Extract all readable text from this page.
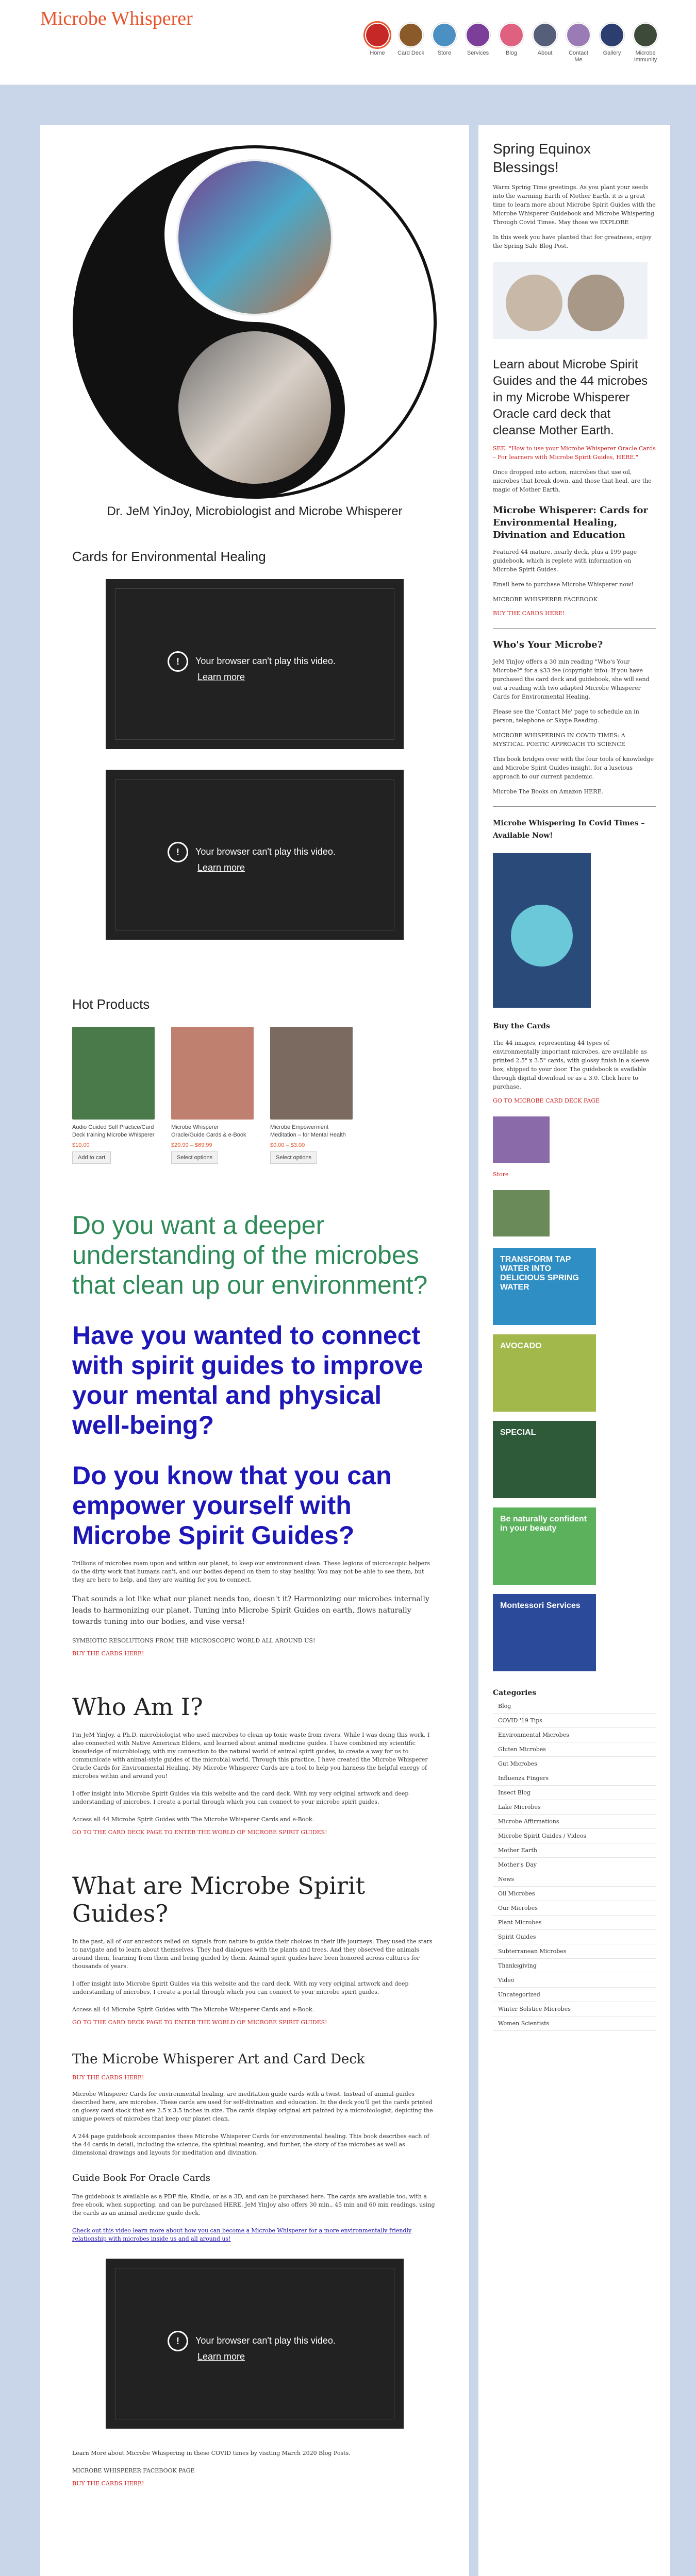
Microbe Whisperer
Home	Card Deck	Store	Services	Blog	About	Contact Me
Gallery	Microbe Immunity
Dr. JeM YinJoy, Microbiologist and Microbe Whisperer
Cards for Environmental Healing
! Your browser can't play this video.
Learn more
! Your browser can't play this video.
Learn more
Hot Products
Audio Guided Self Practice/Card Deck training Microbe Whisperer
$10.00
Add to cart
Microbe Whisperer Oracle/Guide Cards & e-Book
$29.99 – $69.99
Select options
Microbe Empowerment Meditation – for Mental Health
$0.00 – $3.00
Select options
Do you want a deeper understanding of the microbes that clean up our environment?
Have you wanted to connect with spirit guides to improve your mental and physical well-being?
Do you know that you can empower yourself with Microbe Spirit Guides?

Trillions of microbes roam upon and within our planet, to keep our environment clean. These legions of microscopic helpers do the dirty work that humans can't, and our bodies depend on them to stay healthy. You may not be able to see them, but they are here to help, and they are waiting for you to connect.

That sounds a lot like what our planet needs too, doesn't it? Harmonizing our microbes internally leads to harmonizing our planet. Tuning into Microbe Spirit Guides on earth, flows naturally towards tuning into our bodies, and vise versa!

SYMBIOTIC RESOLUTIONS FROM THE MICROSCOPIC WORLD ALL AROUND US!

BUY THE CARDS HERE!

Who Am I?

I'm JeM YinJoy, a Ph.D. microbiologist who used microbes to clean up toxic waste from rivers. While I was doing this work, I also connected with Native American Elders, and learned about animal medicine guides. I have combined my scientific knowledge of microbiology, with my connection to the natural world of animal spirit guides, to create a way for us to communicate with animal-style guides of the microbial world. Through this practice, I have created the Microbe Whisperer Oracle Cards for Environmental Healing. My Microbe Whisperer Cards are a tool to help you harness the helpful energy of microbes within and around you!

I offer insight into Microbe Spirit Guides via this website and the card deck. With my very original artwork and deep understanding of microbes, I create a portal through which you can connect to your microbe spirit guides.

Access all 44 Microbe Spirit Guides with The Microbe Whisperer Cards and e-Book.

GO TO THE CARD DECK PAGE TO ENTER THE WORLD OF MICROBE SPIRIT GUIDES!

What are Microbe Spirit Guides?

In the past, all of our ancestors relied on signals from nature to guide their choices in their life journeys. They used the stars to navigate and to learn about themselves. They had dialogues with the plants and trees. And they observed the animals around them, learning from them and being guided by them. Animal spirit guides have been honored across cultures for thousands of years.

I offer insight into Microbe Spirit Guides via this website and the card deck. With my very original artwork and deep understanding of microbes, I create a portal through which you can connect to your microbe spirit guides.

Access all 44 Microbe Spirit Guides with The Microbe Whisperer Cards and e-Book.

GO TO THE CARD DECK PAGE TO ENTER THE WORLD OF MICROBE SPIRIT GUIDES!

The Microbe Whisperer Art and Card Deck

BUY THE CARDS HERE!

Microbe Whisperer Cards for environmental healing, are meditation guide cards with a twist. Instead of animal guides described here, are microbes. These cards are used for self-divination and education. In the deck you'll get the cards printed on glossy card stock that are 2.5 x 3.5 inches in size. The cards display original art painted by a microbiologist, depicting the unique powers of microbes that keep our planet clean.

A 244 page guidebook accompanies these Microbe Whisperer Cards for environmental healing. This book describes each of the 44 cards in detail, including the science, the spiritual meaning, and further, the story of the microbes as well as dimensional drawings and layouts for meditation and divination.

Guide Book For Oracle Cards

The guidebook is available as a PDF file, Kindle, or as a 3D, and can be purchased here. The cards are available too, with a free ebook, when supporting, and can be purchased HERE. JeM YinJoy also offers 30 min., 45 min and 60 min readings, using the cards as an animal medicine guide deck.

Check out this video learn more about how you can become a Microbe Whisperer for a more environmentally friendly relationship with microbes inside us and all around us!

! Your browser can't play this video.
Learn more

Learn More about Microbe Whispering in these COVID times by visiting March 2020 Blog Posts.

MICROBE WHISPERER FACEBOOK PAGE

BUY THE CARDS HERE!

Spring Equinox Blessings!

Warm Spring Time greetings. As you plant your seeds into the warming Earth of Mother Earth, it is a great time to learn more about Microbe Spirit Guides with the Microbe Whisperer Guidebook and Microbe Whispering Through Covid Times. May those we EXPLORE

In this week you have planted that for greatness, enjoy the Spring Sale Blog Post.

Learn about Microbe Spirit Guides and the 44 microbes in my Microbe Whisperer Oracle card deck that cleanse Mother Earth.

SEE: "How to use your Microbe Whisperer Oracle Cards – For learners with Microbe Spirit Guides, HERE."

Once dropped into action, microbes that use oil, microbes that break down, and those that heal, are the magic of Mother Earth.

Microbe Whisperer: Cards for Environmental Healing, Divination and Education

Featured 44 mature, nearly deck, plus a 199 page guidebook, which is replete with information on Microbe Spirit Guides.

Email here to purchase Microbe Whisperer now!

MICROBE WHISPERER FACEBOOK

BUY THE CARDS HERE!

Who's Your Microbe?

JeM YinJoy offers a 30 min reading "Who's Your Microbe?" for a $33 fee (copyright info). If you have purchased the card deck and guidebook, she will send out a reading with two adapted Microbe Whisperer Cards for Environmental Healing.

Please see the 'Contact Me' page to schedule an in person, telephone or Skype Reading.

MICROBE WHISPERING IN COVID TIMES: A MYSTICAL POETIC APPROACH TO SCIENCE

This book bridges over with the four tools of knowledge and Microbe Spirit Guides insight, for a luscious approach to our current pandemic.

Microbe The Books on Amazon HERE.

Microbe Whispering In Covid Times – Available Now!
Buy the Cards

The 44 images, representing 44 types of environmentally important microbes, are available as printed 2.5" x 3.5" cards, with glossy finish in a sleeve box, shipped to your door. The guidebook is available through digital download or as a 3.0. Click here to purchase.

GO TO MICROBE CARD DECK PAGE

Store

TRANSFORM TAP WATER INTO DELICIOUS SPRING WATER
AVOCADO
SPECIAL
Be naturally confident in your beauty
Montessori Services
Categories
Blog
COVID '19 Tips
Environmental Microbes
Gluten Microbes
Gut Microbes
Influenza Fingers
Insect Blog
Lake Microbes
Microbe Affirmations
Microbe Spirit Guides / Videos
Mother Earth
Mother's Day
News
Oil Microbes
Our Microbes
Plant Microbes
Spirit Guides
Subterranean Microbes
Thanksgiving
Video
Uncategorized
Winter Solstice Microbes
Women Scientists
